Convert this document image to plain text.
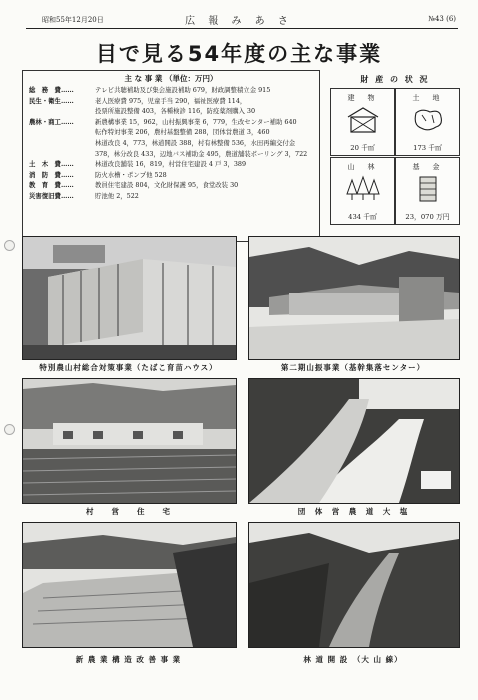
昭和55年12月20日	広 報 み あ さ	№43 (6)
目で見る54年度の主な事業
主 な 事 業 （単位：万円）
総　務　費……	テレビ共聴補助及び集会施設補助 679，財政調整積立金 915
民生・衛生……	老人医療費 975，児童手当 290，福祉医療費 114，
投票所施設整備 403，各種検診 116，防疫薬剤購入 30
農林・商工……	新農構事業 15，962，山村振興事業 6，779，生改センター補助 640
転作特対事業 206，農村基盤整備 288，団体営農道 3，460
林道改良 4，773，林道開設 388，村有林整備 536，水田再編交付金
378，林分改良 433，辺地バス補助金 495，農道舗装ボーリング 3，722
土　木　費……	林道改良舗装 16，819，村営住宅建設 4 戸 3，389
消　防　費……	防火水槽・ポンプ他 528
教　育　費……	教員住宅建設 804，文化財保護 95，食堂改装 30
災害復旧費……	貯池他 2，522
財 産 の 状 況
建　物
20 千㎡
土　地
173 千㎡
山　林
434 千㎡
基　金
23，070 万円
特別農山村総合対策事業（たばこ育苗ハウス）	第二期山振事業（基幹集落センター）
村　　営　　住　　宅	団　体　営　農　道　大　塩
新 農 業 構 造 改 善 事 業	林 道 開 設　（大 山 線）
